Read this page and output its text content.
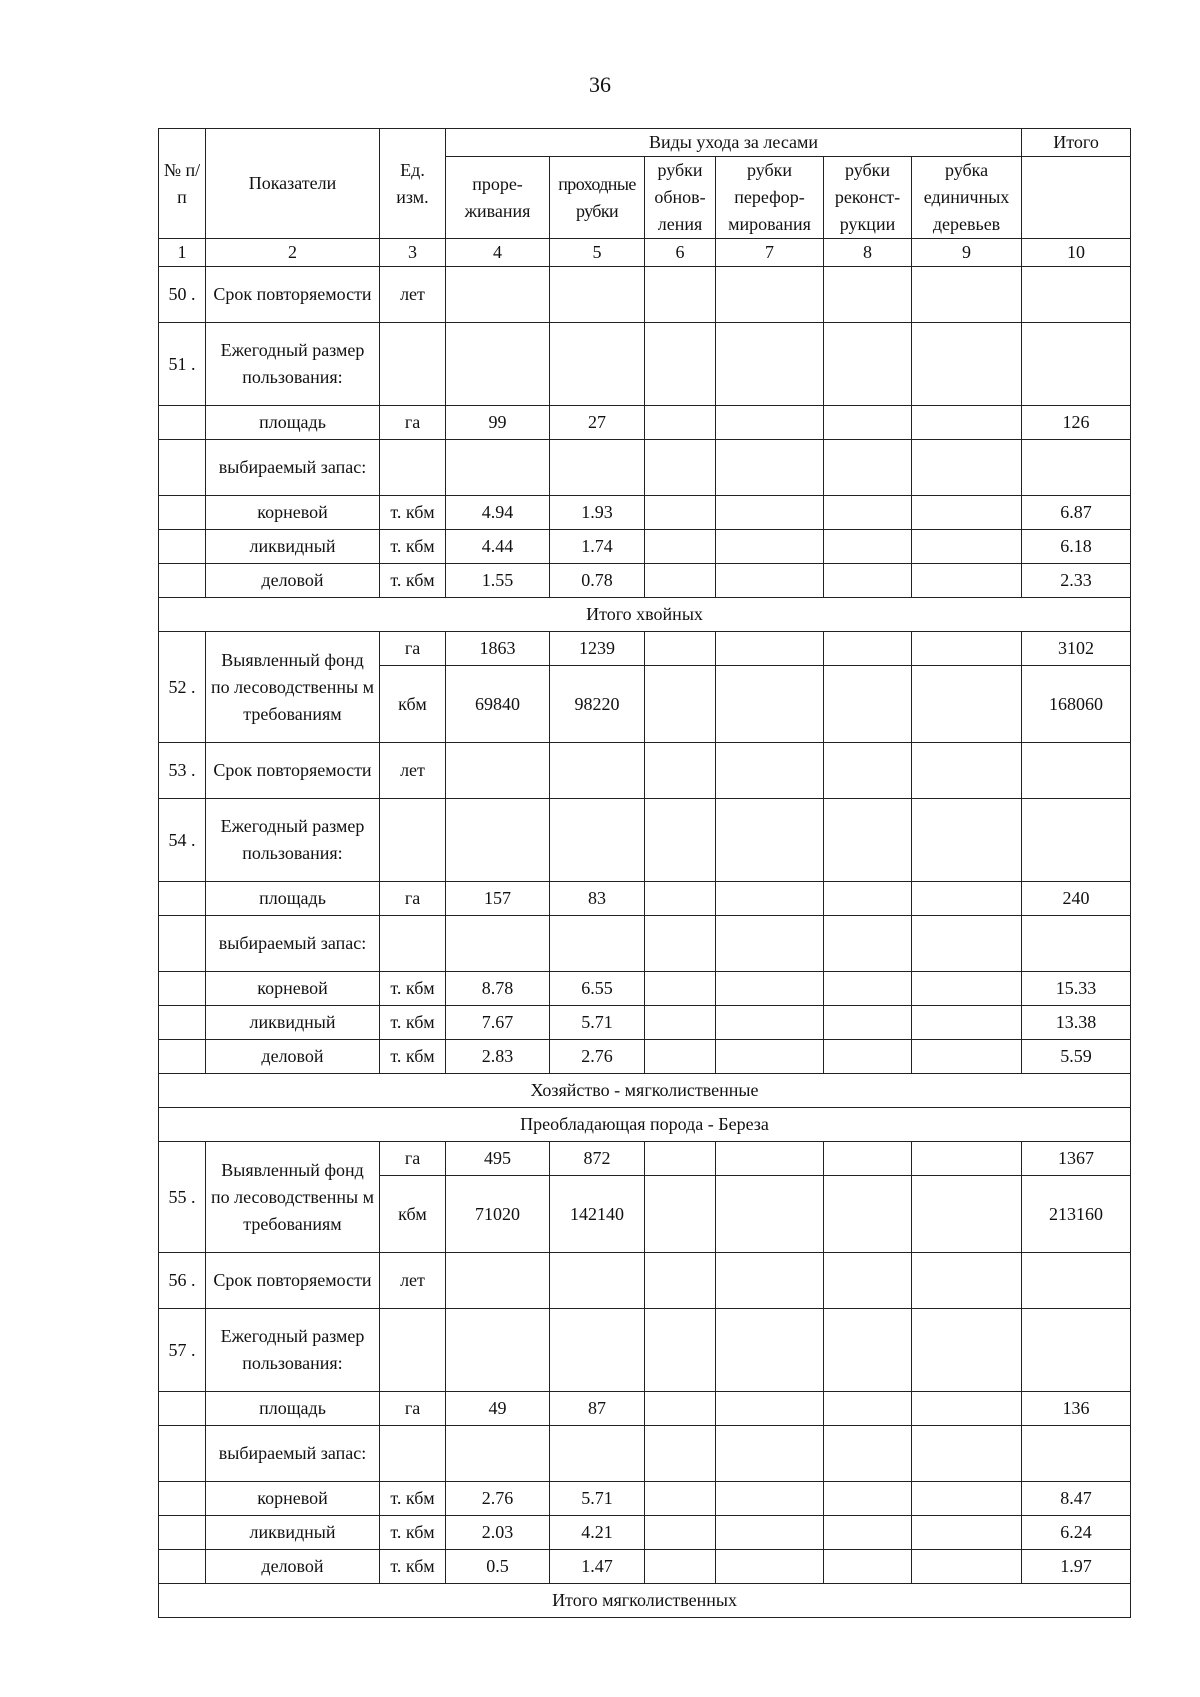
36
№ п/п	Показатели	Ед. изм.	Виды ухода за лесами						Итого
			проре-живания	проходные рубки	рубки обнов-ления	рубки перефор-мирования	рубки реконст-рукции	рубка единичных деревьев	
1	2	3	4	5	6	7	8	9	10
50 .	Срок повторяемости	лет							
51 .	Ежегодный размер пользования:								
	площадь	га	99	27					126
	выбираемый запас:								
	корневой	т. кбм	4.94	1.93					6.87
	ликвидный	т. кбм	4.44	1.74					6.18
	деловой	т. кбм	1.55	0.78					2.33
Итого хвойных									
52 .	Выявленный фонд по лесоводственны м требованиям	га	1863	1239					3102
		кбм	69840	98220					168060
53 .	Срок повторяемости	лет							
54 .	Ежегодный размер пользования:								
	площадь	га	157	83					240
	выбираемый запас:								
	корневой	т. кбм	8.78	6.55					15.33
	ликвидный	т. кбм	7.67	5.71					13.38
	деловой	т. кбм	2.83	2.76					5.59
Хозяйство - мягколиственные									
Преобладающая порода - Береза									
55 .	Выявленный фонд по лесоводственны м требованиям	га	495	872					1367
		кбм	71020	142140					213160
56 .	Срок повторяемости	лет							
57 .	Ежегодный размер пользования:								
	площадь	га	49	87					136
	выбираемый запас:								
	корневой	т. кбм	2.76	5.71					8.47
	ликвидный	т. кбм	2.03	4.21					6.24
	деловой	т. кбм	0.5	1.47					1.97
Итого мягколиственных									
